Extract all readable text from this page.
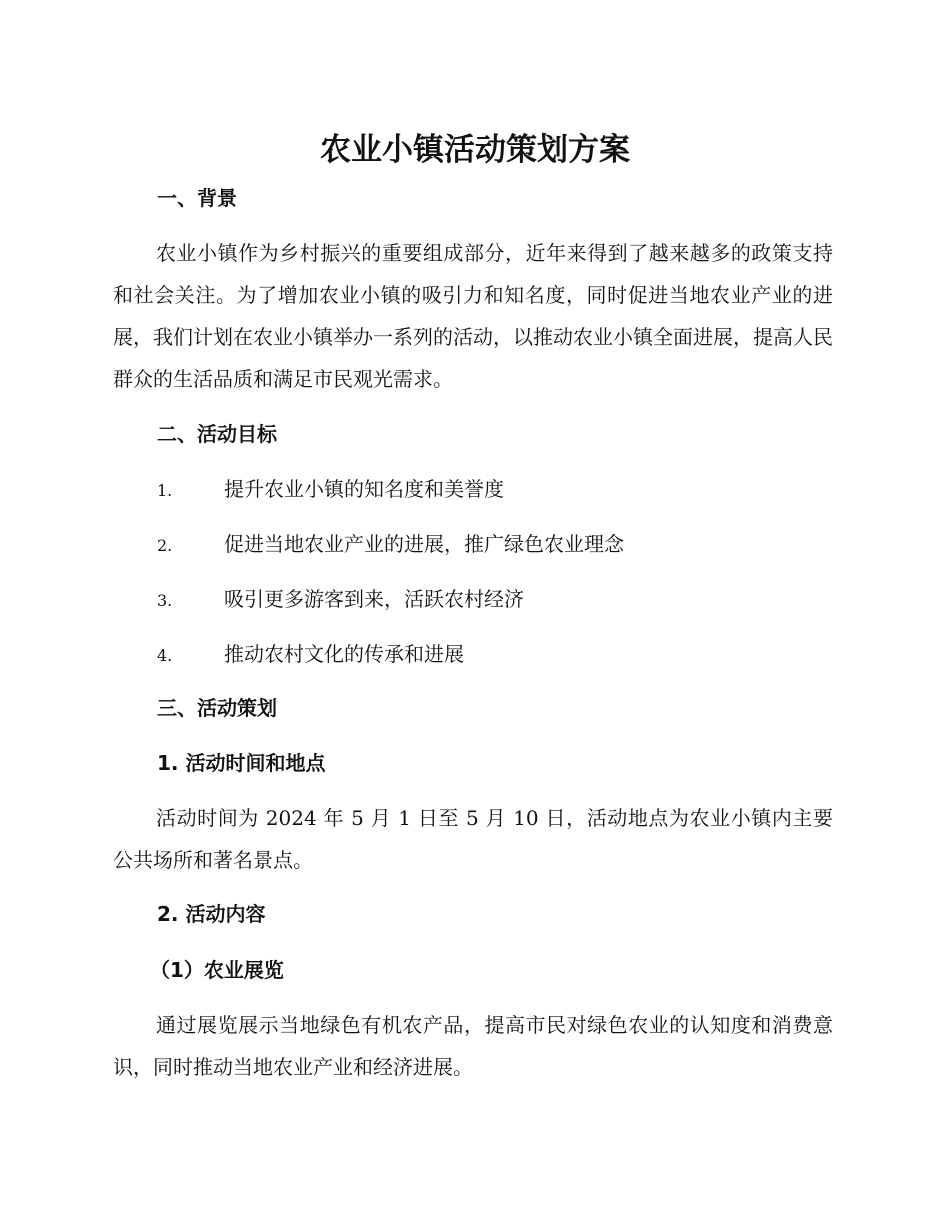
农业小镇活动策划方案
一、背景

农业小镇作为乡村振兴的重要组成部分，近年来得到了越来越多的政策支持和社会关注。为了增加农业小镇的吸引力和知名度，同时促进当地农业产业的进展，我们计划在农业小镇举办一系列的活动，以推动农业小镇全面进展，提高人民群众的生活品质和满足市民观光需求。

二、活动目标
1.	提升农业小镇的知名度和美誉度
2.	促进当地农业产业的进展，推广绿色农业理念
3.	吸引更多游客到来，活跃农村经济
4.	推动农村文化的传承和进展
三、活动策划
1. 活动时间和地点

活动时间为 2024 年 5 月 1 日至 5 月 10 日，活动地点为农业小镇内主要公共场所和著名景点。

2. 活动内容
（1）农业展览

通过展览展示当地绿色有机农产品，提高市民对绿色农业的认知度和消费意识，同时推动当地农业产业和经济进展。
